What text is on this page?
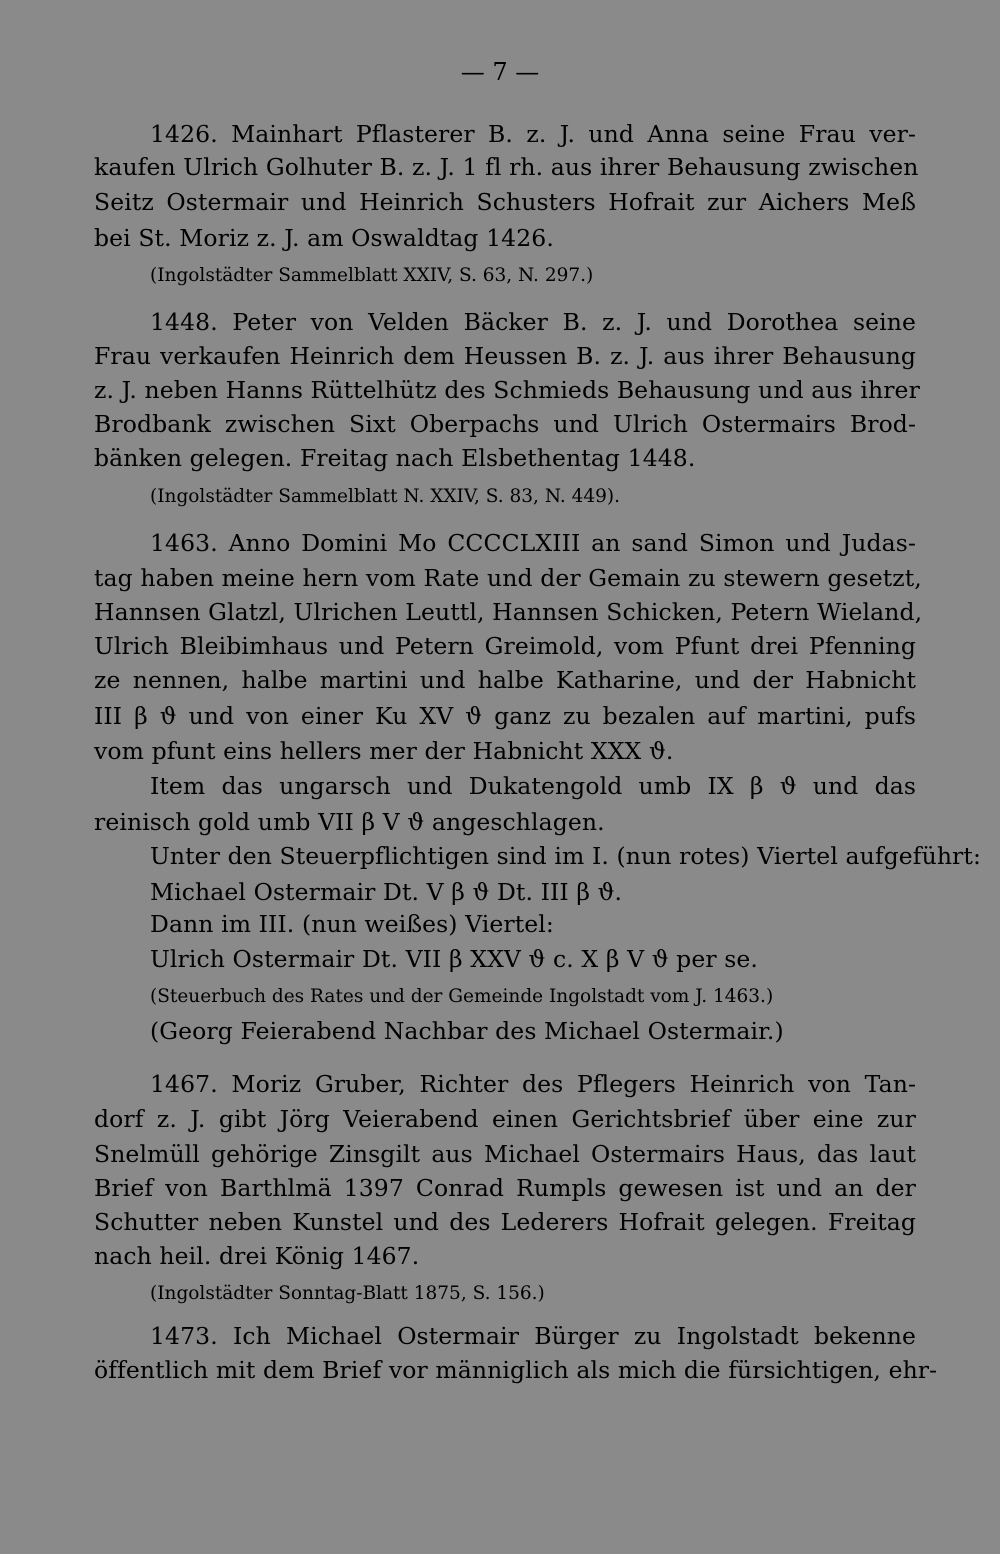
— 7 —
1426. Mainhart Pflasterer B. z. J. und Anna seine Frau ver-
kaufen Ulrich Golhuter B. z. J. 1 fl rh. aus ihrer Behausung zwischen
Seitz Ostermair und Heinrich Schusters Hofrait zur Aichers Meß
bei St. Moriz z. J. am Oswaldtag 1426.
1448. Peter von Velden Bäcker B. z. J. und Dorothea seine
Frau verkaufen Heinrich dem Heussen B. z. J. aus ihrer Behausung
z. J. neben Hanns Rüttelhütz des Schmieds Behausung und aus ihrer
Brodbank zwischen Sixt Oberpachs und Ulrich Ostermairs Brod-
bänken gelegen. Freitag nach Elsbethentag 1448.
1463. Anno Domini Mo CCCCLXIII an sand Simon und Judas-
tag haben meine hern vom Rate und der Gemain zu stewern gesetzt,
Hannsen Glatzl, Ulrichen Leuttl, Hannsen Schicken, Petern Wieland,
Ulrich Bleibimhaus und Petern Greimold, vom Pfunt drei Pfenning
ze nennen, halbe martini und halbe Katharine, und der Habnicht
III β ϑ und von einer Ku XV ϑ ganz zu bezalen auf martini, pufs
vom pfunt eins hellers mer der Habnicht XXX ϑ.
Item das ungarsch und Dukatengold umb IX β ϑ und das
reinisch gold umb VII β V ϑ angeschlagen.
Unter den Steuerpflichtigen sind im I. (nun rotes) Viertel aufgeführt:
Michael Ostermair Dt. V β ϑ Dt. III β ϑ.
Dann im III. (nun weißes) Viertel:
Ulrich Ostermair Dt. VII β XXV ϑ c. X β V ϑ per se.
(Georg Feierabend Nachbar des Michael Ostermair.)
1467. Moriz Gruber, Richter des Pflegers Heinrich von Tan-
dorf z. J. gibt Jörg Veierabend einen Gerichtsbrief über eine zur
Snelmüll gehörige Zinsgilt aus Michael Ostermairs Haus, das laut
Brief von Barthlmä 1397 Conrad Rumpls gewesen ist und an der
Schutter neben Kunstel und des Lederers Hofrait gelegen. Freitag
nach heil. drei König 1467.
1473. Ich Michael Ostermair Bürger zu Ingolstadt bekenne
öffentlich mit dem Brief vor männiglich als mich die fürsichtigen, ehr-
(Ingolstädter Sammelblatt XXIV, S. 63, N. 297.)
(Ingolstädter Sammelblatt N. XXIV, S. 83, N. 449).
(Steuerbuch des Rates und der Gemeinde Ingolstadt vom J. 1463.)
(Ingolstädter Sonntag-Blatt 1875, S. 156.)
